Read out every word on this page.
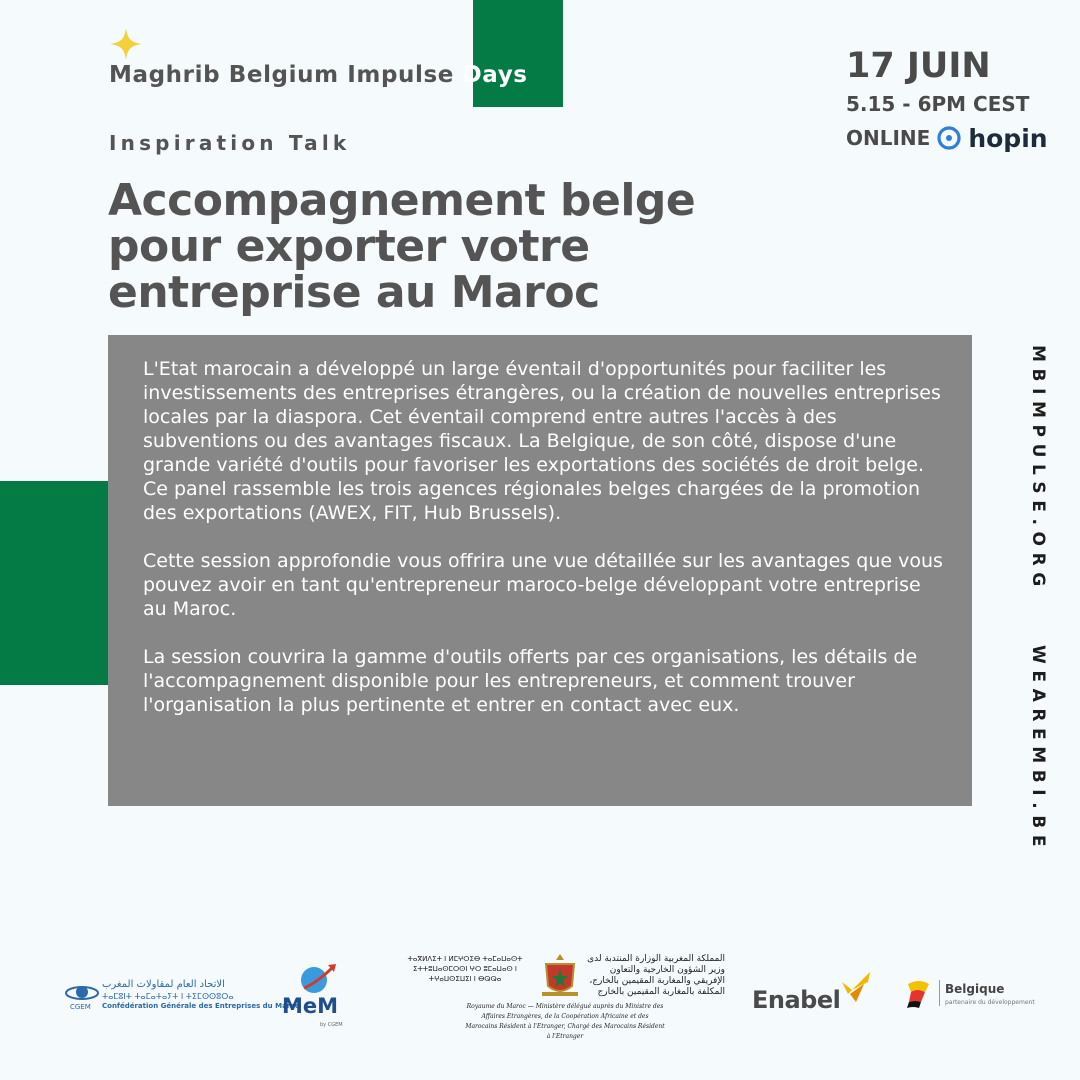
Maghrib Belgium Impulse Days	17 JUIN
5.15 - 6PM CEST
ONLINE hopin
Inspiration Talk
Accompagnement belge pour exporter votre entreprise au Maroc

L'Etat marocain a développé un large éventail d'opportunités pour faciliter les investissements des entreprises étrangères, ou la création de nouvelles entreprises locales par la diaspora. Cet éventail comprend entre autres l'accès à des subventions ou des avantages fiscaux. La Belgique, de son côté, dispose d'une grande variété d'outils pour favoriser les exportations des sociétés de droit belge. Ce panel rassemble les trois agences régionales belges chargées de la promotion des exportations (AWEX, FIT, Hub Brussels).

Cette session approfondie vous offrira une vue détaillée sur les avantages que vous pouvez avoir en tant qu'entrepreneur maroco-belge développant votre entreprise au Maroc.

La session couvrira la gamme d'outils offerts par ces organisations, les détails de l'accompagnement disponible pour les entrepreneurs, et comment trouver l'organisation la plus pertinente et entrer en contact avec eux.

MBIMPULSE.ORG
WEAREMBI.BE
CGEM
الاتحاد العام لمقاولات المغرب
ⵜⴰⵎⵓⵏⵜ ⵜⴰⵎⴰⵜⴰⵢⵜ ⵏ ⵜⵉⵎⵙⵙⵓⵔⴰ
Confédération Générale des Entreprises du Maroc
MeM
by CGEM
ⵜⴰⴳⵍⴷⵉⵜ ⵏ ⵍⵎⵖⵔⵉⴱ ⵜⴰⵎⴰⵡⴰⵙⵜ ⵉⵜⵜⵓⵡⴰⵙⵎⵔⵙⵏ ⵖⵔ ⵓⵎⴰⵡⴰⵙ ⵏ ⵜⵖⴰⵡⵙⵉⵡⵉⵏ ⵏ ⴱⵕⵕⴰ
المملكة المغربية الوزارة المنتدبة لدى وزير الشؤون الخارجية والتعاون الإفريقي والمغاربة المقيمين بالخارج، المكلفة بالمغاربة المقيمين بالخارج
Royaume du Maroc — Ministère délégué auprès du Ministre des Affaires Etrangères, de la Coopération Africaine et des Marocains Résident à l'Etranger, Chargé des Marocains Résident à l'Etranger
Enabel	Belgique
partenaire du développement
